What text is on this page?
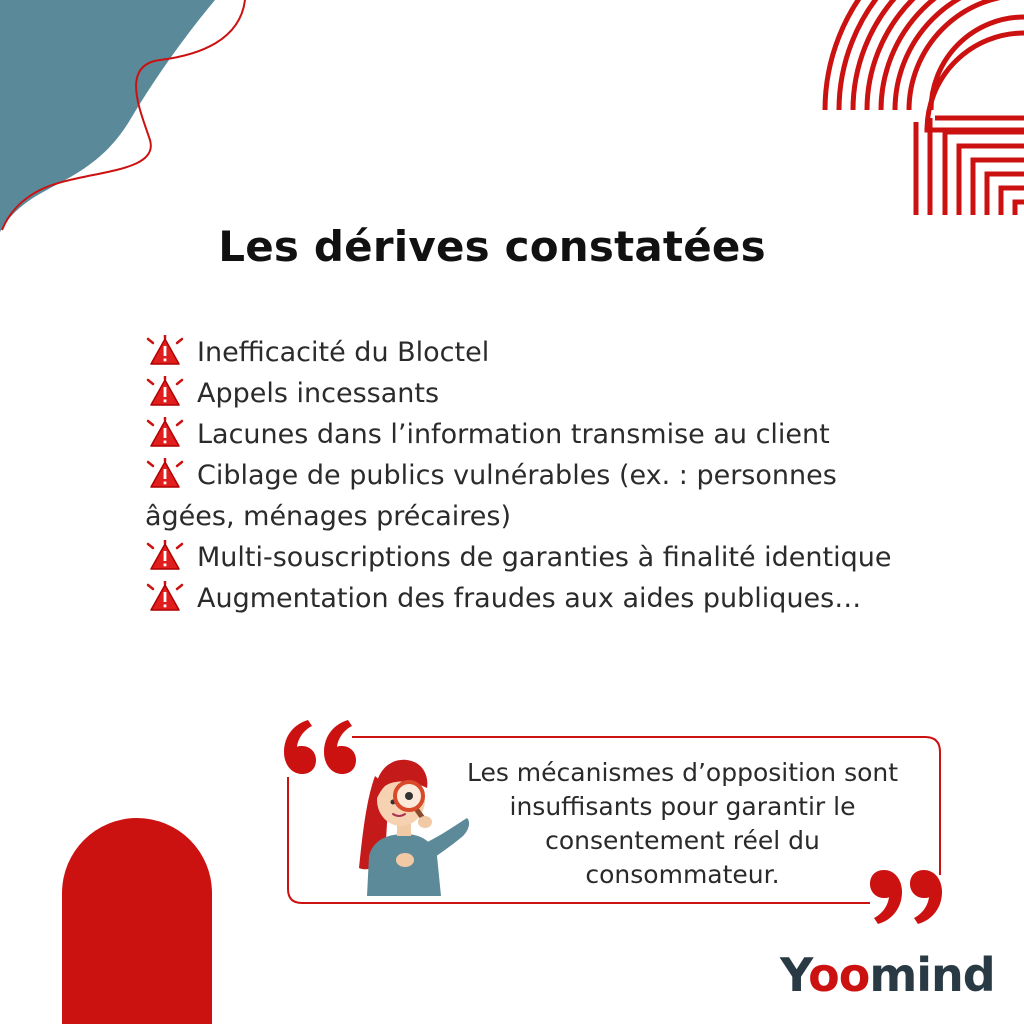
Les dérives constatées

Inefficacité du Bloctel

Appels incessants

Lacunes dans l’information transmise au client

Ciblage de publics vulnérables (ex. : personnes âgées, ménages précaires)

Multi-souscriptions de garanties à finalité identique

Augmentation des fraudes aux aides publiques…

Les mécanismes d’opposition sont insuffisants pour garantir le consentement réel du consommateur.
Yoomind
